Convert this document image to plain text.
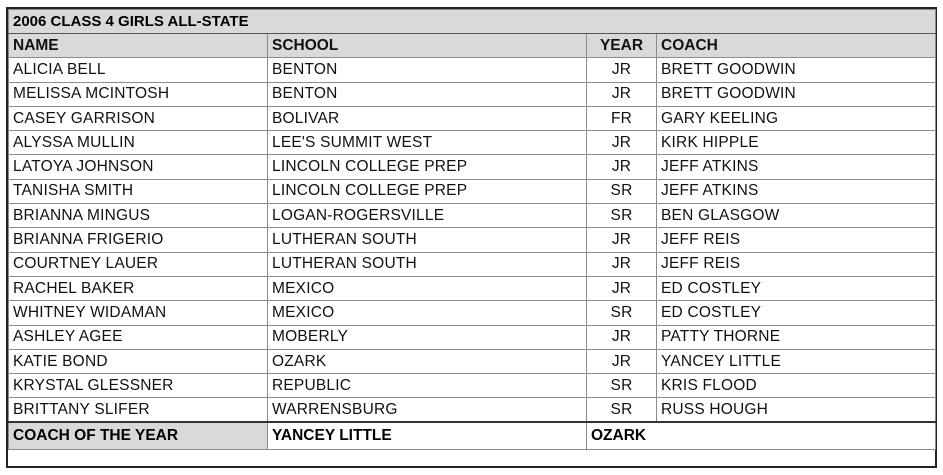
2006 CLASS 4 GIRLS ALL-STATE			
NAME	SCHOOL	YEAR	COACH
ALICIA BELL	BENTON	JR	BRETT GOODWIN
MELISSA MCINTOSH	BENTON	JR	BRETT GOODWIN
CASEY GARRISON	BOLIVAR	FR	GARY KEELING
ALYSSA MULLIN	LEE'S SUMMIT WEST	JR	KIRK HIPPLE
LATOYA JOHNSON	LINCOLN COLLEGE PREP	JR	JEFF ATKINS
TANISHA SMITH	LINCOLN COLLEGE PREP	SR	JEFF ATKINS
BRIANNA MINGUS	LOGAN-ROGERSVILLE	SR	BEN GLASGOW
BRIANNA FRIGERIO	LUTHERAN SOUTH	JR	JEFF REIS
COURTNEY LAUER	LUTHERAN SOUTH	JR	JEFF REIS
RACHEL BAKER	MEXICO	JR	ED COSTLEY
WHITNEY WIDAMAN	MEXICO	SR	ED COSTLEY
ASHLEY AGEE	MOBERLY	JR	PATTY THORNE
KATIE BOND	OZARK	JR	YANCEY LITTLE
KRYSTAL GLESSNER	REPUBLIC	SR	KRIS FLOOD
BRITTANY SLIFER	WARRENSBURG	SR	RUSS HOUGH
COACH OF THE YEAR	YANCEY LITTLE	OZARK	
